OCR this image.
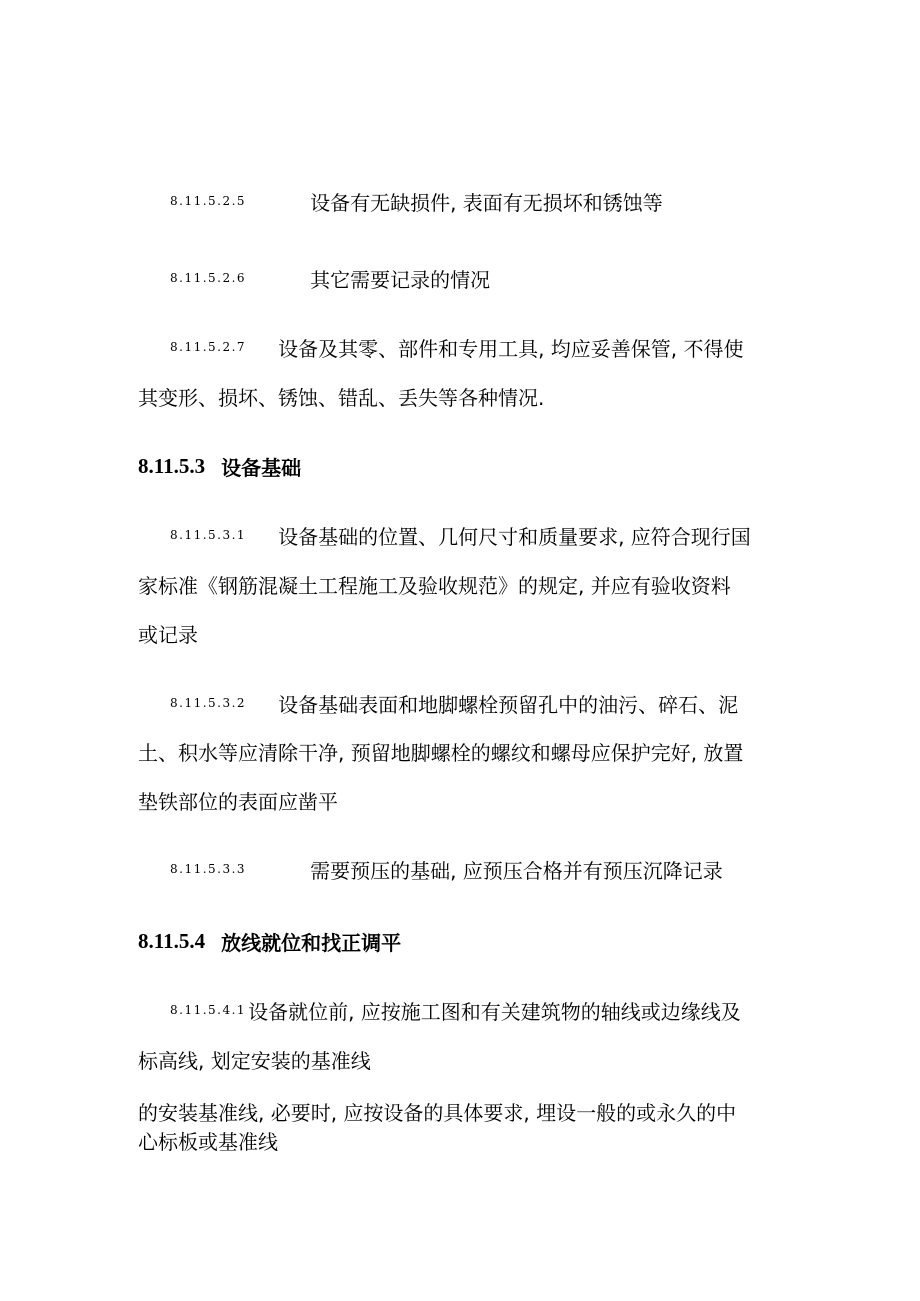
8.11.5.2.5	设备有无缺损件, 表面有无损坏和锈蚀等
8.11.5.2.6	其它需要记录的情况
8.11.5.2.7 设备及其零、部件和专用工具, 均应妥善保管, 不得使
其变形、损坏、锈蚀、错乱、丢失等各种情况.
8.11.5.3 设备基础
8.11.5.3.1 设备基础的位置、几何尺寸和质量要求, 应符合现行国
家标准《钢筋混凝土工程施工及验收规范》的规定, 并应有验收资料
或记录
8.11.5.3.2 设备基础表面和地脚螺栓预留孔中的油污、碎石、泥
土、积水等应清除干净, 预留地脚螺栓的螺纹和螺母应保护完好, 放置
垫铁部位的表面应凿平
8.11.5.3.3	需要预压的基础, 应预压合格并有预压沉降记录
8.11.5.4 放线就位和找正调平
8.11.5.4.1 设备就位前, 应按施工图和有关建筑物的轴线或边缘线及
标高线, 划定安装的基准线
的安装基准线, 必要时, 应按设备的具体要求, 埋设一般的或永久的中
心标板或基准线
